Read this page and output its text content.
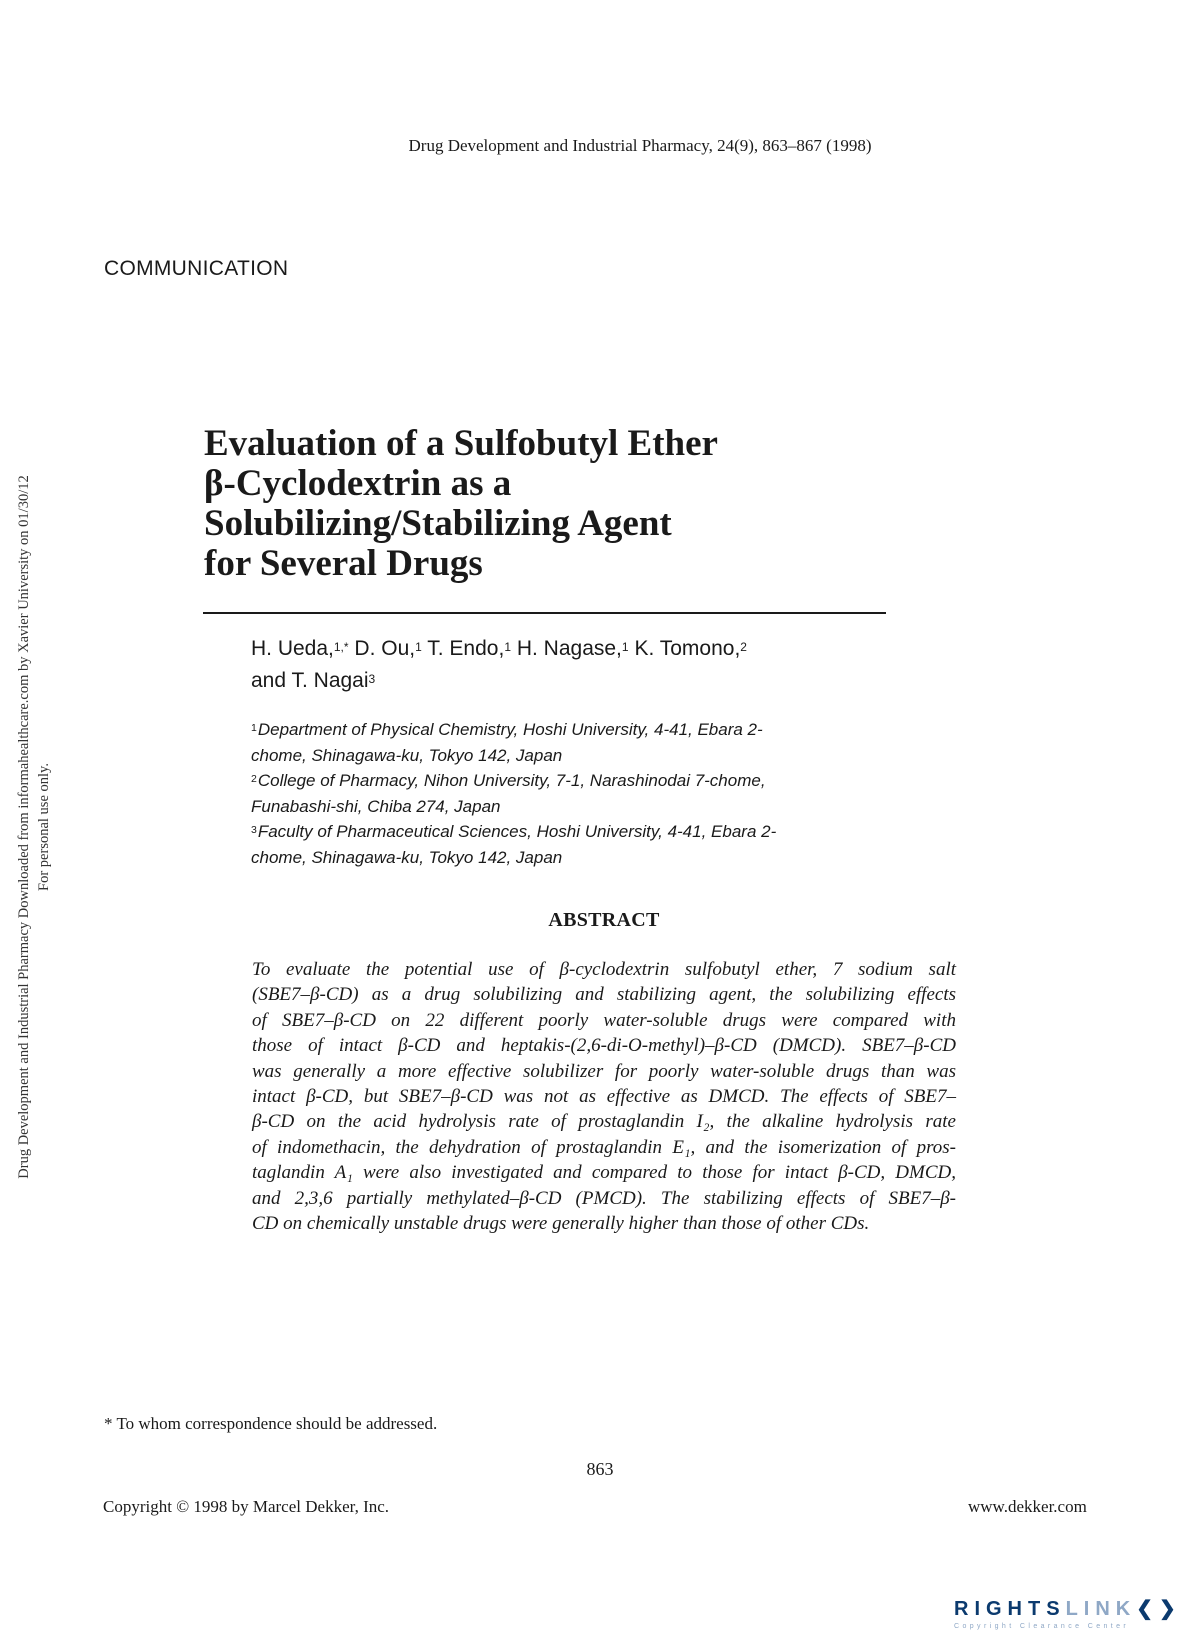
Drug Development and Industrial Pharmacy, 24(9), 863–867 (1998)
COMMUNICATION
Drug Development and Industrial Pharmacy Downloaded from informahealthcare.com by Xavier University on 01/30/12 For personal use only.
Evaluation of a Sulfobutyl Ether
β-Cyclodextrin as a
Solubilizing/Stabilizing Agent
for Several Drugs
H. Ueda,$^{1,*}$ D. Ou,$^1$ T. Endo,$^1$ H. Nagase,$^1$ K. Tomono,$^2$
and T. Nagai$^3$
$^1$Department of Physical Chemistry, Hoshi University, 4-41, Ebara 2-
chome, Shinagawa-ku, Tokyo 142, Japan
$^2$College of Pharmacy, Nihon University, 7-1, Narashinodai 7-chome,
Funabashi-shi, Chiba 274, Japan
$^3$Faculty of Pharmaceutical Sciences, Hoshi University, 4-41, Ebara 2-
chome, Shinagawa-ku, Tokyo 142, Japan
ABSTRACT
To evaluate the potential use of β-cyclodextrin sulfobutyl ether, 7 sodium salt
(SBE7–β-CD) as a drug solubilizing and stabilizing agent, the solubilizing effects
of SBE7–β-CD on 22 different poorly water-soluble drugs were compared with
those of intact β-CD and heptakis-(2,6-di-O-methyl)–β-CD (DMCD). SBE7–β-CD
was generally a more effective solubilizer for poorly water-soluble drugs than was
intact β-CD, but SBE7–β-CD was not as effective as DMCD. The effects of SBE7–
β-CD on the acid hydrolysis rate of prostaglandin I₂, the alkaline hydrolysis rate
of indomethacin, the dehydration of prostaglandin E₁, and the isomerization of pros-
taglandin A₁ were also investigated and compared to those for intact β-CD, DMCD,
and 2,3,6 partially methylated–β-CD (PMCD). The stabilizing effects of SBE7–β-
CD on chemically unstable drugs were generally higher than those of other CDs.
* To whom correspondence should be addressed.
863
Copyright © 1998 by Marcel Dekker, Inc.	www.dekker.com
RIGHTSLINK❮❯
Copyright Clearance Center
